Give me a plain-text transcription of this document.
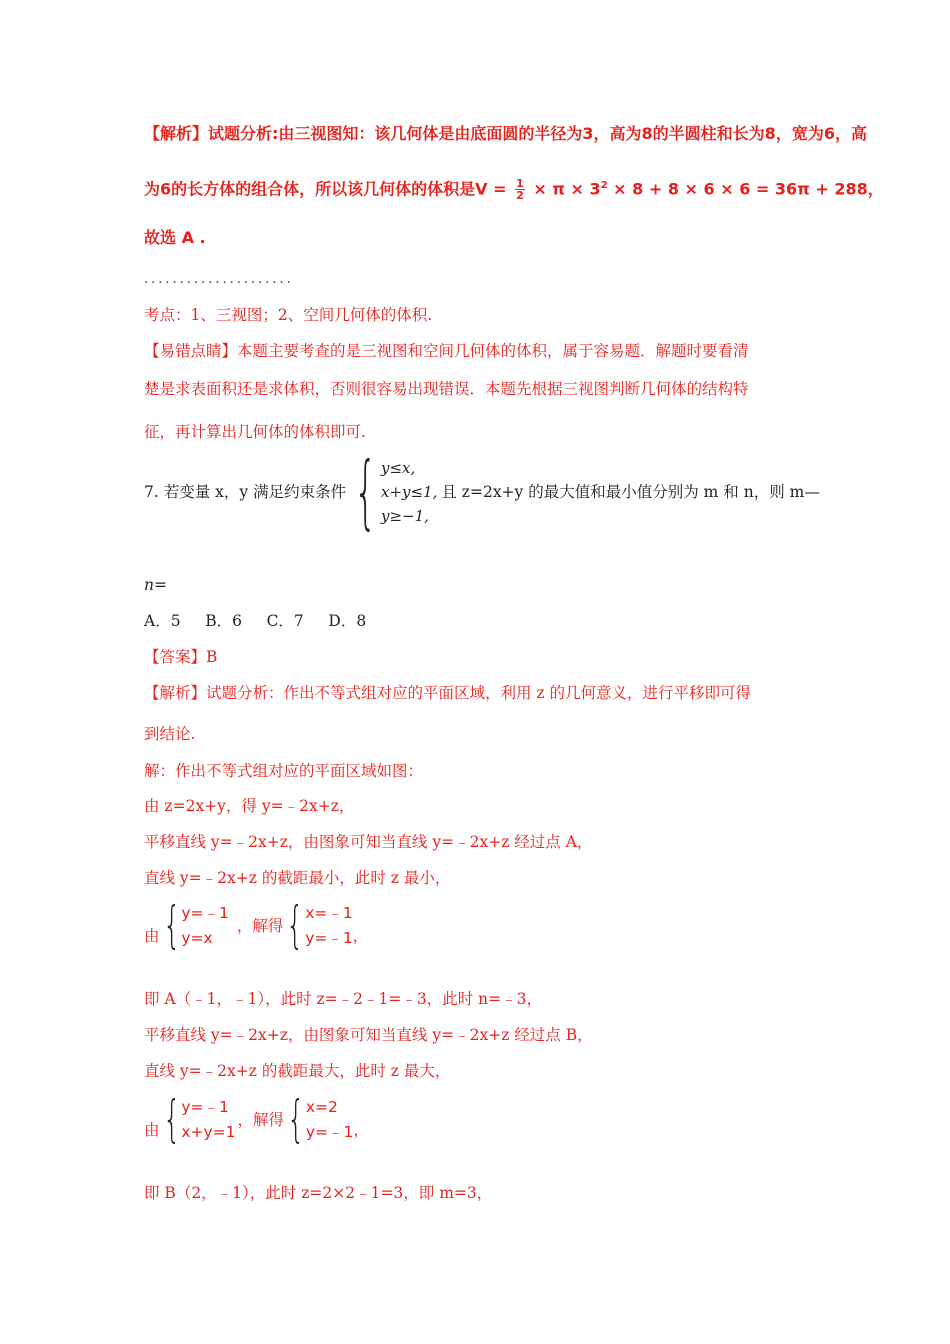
【解析】试题分析:由三视图知：该几何体是由底面圆的半径为3，高为8的半圆柱和长为8，宽为6，高
为6的长方体的组合体，所以该几何体的体积是$V = \frac{1}{2} \times \pi \times 3^2 \times 8 + 8 \times 6 \times 6 = 36\pi + 288$，
故选 A .
.....................
考点：1、三视图；2、空间几何体的体积.
【易错点睛】本题主要考查的是三视图和空间几何体的体积，属于容易题．解题时要看清
楚是求表面积还是求体积，否则很容易出现错误．本题先根据三视图判断几何体的结构特
征，再计算出几何体的体积即可.
7. 若变量 x，y 满足约束条件 { y≤x,
x+y≤1,
y≥−1,
且 z=2x+y 的最大值和最小值分别为 m 和 n，则 m—
n=
A．5     B．6     C．7     D．8
【答案】B
【解析】试题分析：作出不等式组对应的平面区域，利用 z 的几何意义，进行平移即可得
到结论.
解：作出不等式组对应的平面区域如图：
由 z=2x+y，得 y=﹣2x+z，
平移直线 y=﹣2x+z，由图象可知当直线 y=﹣2x+z 经过点 A，
直线 y=﹣2x+z 的截距最小，此时 z 最小，
由 { y=﹣1
y=x
，解得 { x=﹣1
y=﹣1 ，
即 A（﹣1，﹣1），此时 z=﹣2﹣1=﹣3，此时 n=﹣3，
平移直线 y=﹣2x+z，由图象可知当直线 y=﹣2x+z 经过点 B，
直线 y=﹣2x+z 的截距最大，此时 z 最大，
由 { y=﹣1
x+y=1
，解得 { x=2
y=﹣1 ，
即 B（2，﹣1），此时 z=2×2﹣1=3，即 m=3，
